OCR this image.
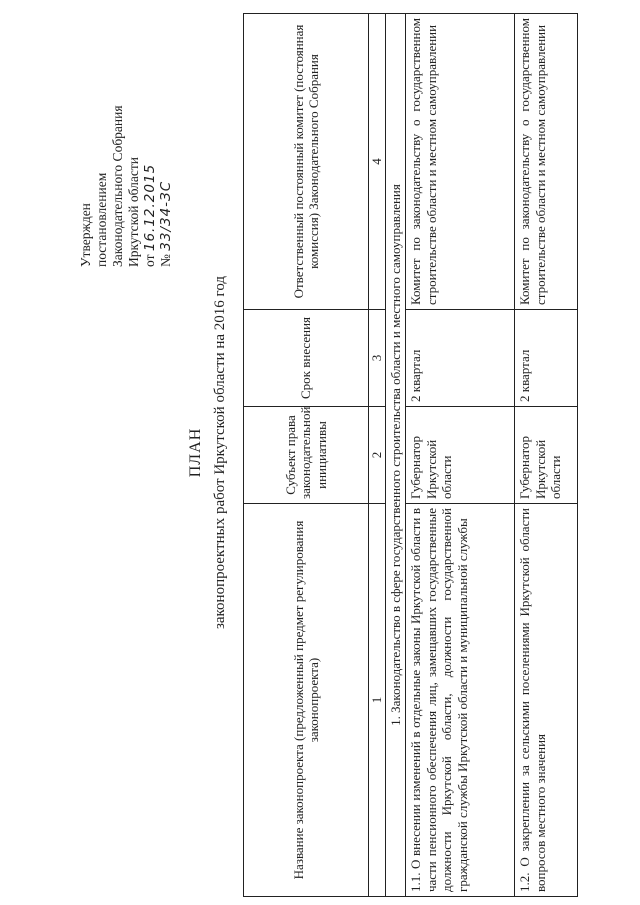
Утвержден постановлением Законодательного Собрания Иркутской области от 16.12.2015
№ 33/34-ЗС
ПЛАН законопроектных работ Иркутской области на 2016 год
Название законопроекта (предложенный предмет регулирования законопроекта)	Субъект права законодательной инициативы	Срок внесения	Ответственный постоянный комитет (постоянная комиссия) Законодательного Собрания
1	2	3	4
1. Законодательство в сфере государственного строительства области и местного самоуправления			
1.1. О внесении изменений в отдельные законы Иркутской области в части пенсионного обеспечения лиц, замещавших государственные должности Иркутской области, должности государственной гражданской службы Иркутской области и муниципальной службы	Губернатор Иркутской области	2 квартал	Комитет по законодательству о государственном строительстве области и местном самоуправлении
1.2. О закреплении за сельскими поселениями Иркутской области вопросов местного значения	Губернатор Иркутской области	2 квартал	Комитет по законодательству о государственном строительстве области и местном самоуправлении
